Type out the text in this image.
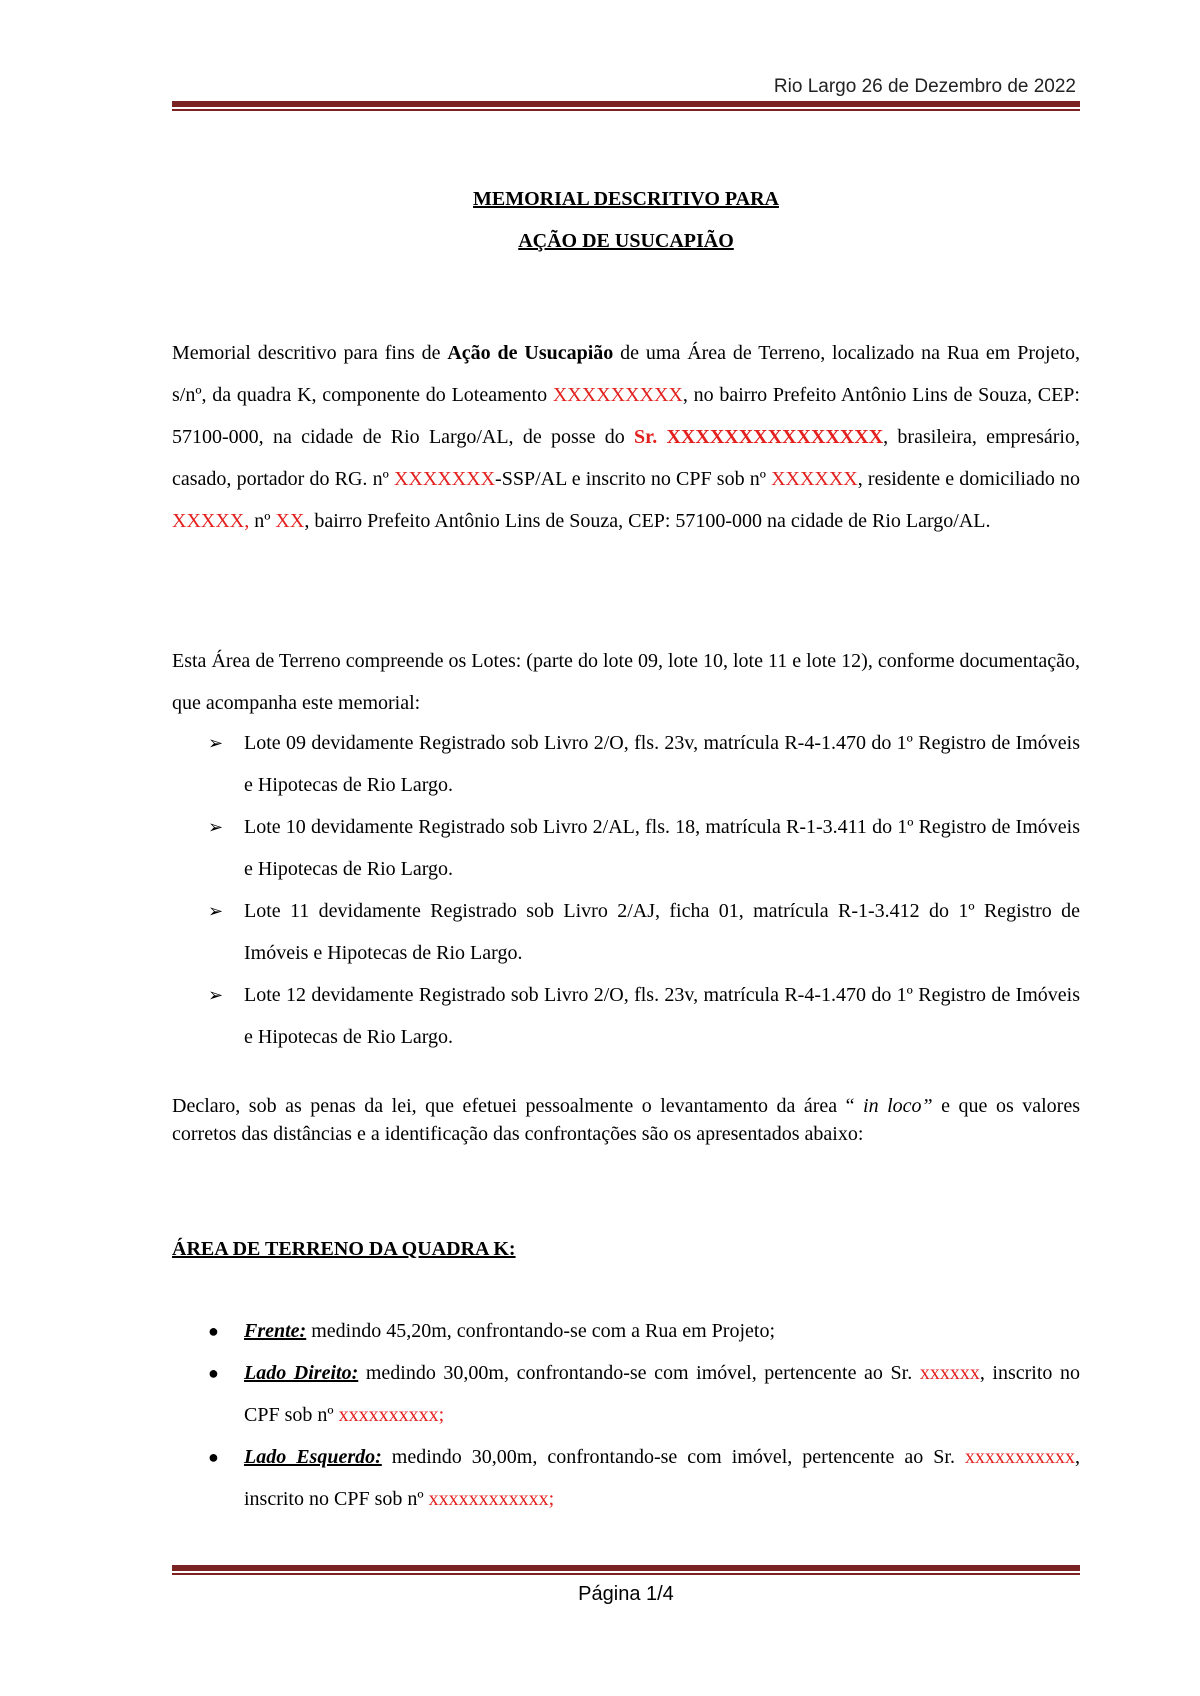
Rio Largo 26 de Dezembro de 2022
MEMORIAL DESCRITIVO PARA
AÇÃO DE USUCAPIÃO
Memorial descritivo para fins de Ação de Usucapião de uma Área de Terreno, localizado na Rua em Projeto, s/nº, da quadra K, componente do Loteamento XXXXXXXXX, no bairro Prefeito Antônio Lins de Souza, CEP: 57100-000, na cidade de Rio Largo/AL, de posse do Sr. XXXXXXXXXXXXXXX, brasileira, empresário, casado, portador do RG. nº XXXXXXX-SSP/AL e inscrito no CPF sob nº XXXXXX, residente e domiciliado no XXXXX, nº XX, bairro Prefeito Antônio Lins de Souza, CEP: 57100-000 na cidade de Rio Largo/AL.
Esta Área de Terreno compreende os Lotes: (parte do lote 09, lote 10, lote 11 e lote 12), conforme documentação, que acompanha este memorial:
➢ Lote 09 devidamente Registrado sob Livro 2/O, fls. 23v, matrícula R-4-1.470 do 1º Registro de Imóveis e Hipotecas de Rio Largo.
➢ Lote 10 devidamente Registrado sob Livro 2/AL, fls. 18, matrícula R-1-3.411 do 1º Registro de Imóveis e Hipotecas de Rio Largo.
➢ Lote 11 devidamente Registrado sob Livro 2/AJ, ficha 01, matrícula R-1-3.412 do 1º Registro de Imóveis e Hipotecas de Rio Largo.
➢ Lote 12 devidamente Registrado sob Livro 2/O, fls. 23v, matrícula R-4-1.470 do 1º Registro de Imóveis e Hipotecas de Rio Largo.
Declaro, sob as penas da lei, que efetuei pessoalmente o levantamento da área “ in loco” e que os valores corretos das distâncias e a identificação das confrontações são os apresentados abaixo:
ÁREA DE TERRENO DA QUADRA K:
● Frente: medindo 45,20m, confrontando-se com a Rua em Projeto;
● Lado Direito: medindo 30,00m, confrontando-se com imóvel, pertencente ao Sr. xxxxxx, inscrito no CPF sob nº xxxxxxxxxx;
● Lado Esquerdo: medindo 30,00m, confrontando-se com imóvel, pertencente ao Sr. xxxxxxxxxxx, inscrito no CPF sob nº xxxxxxxxxxxx;
Página 1/4
